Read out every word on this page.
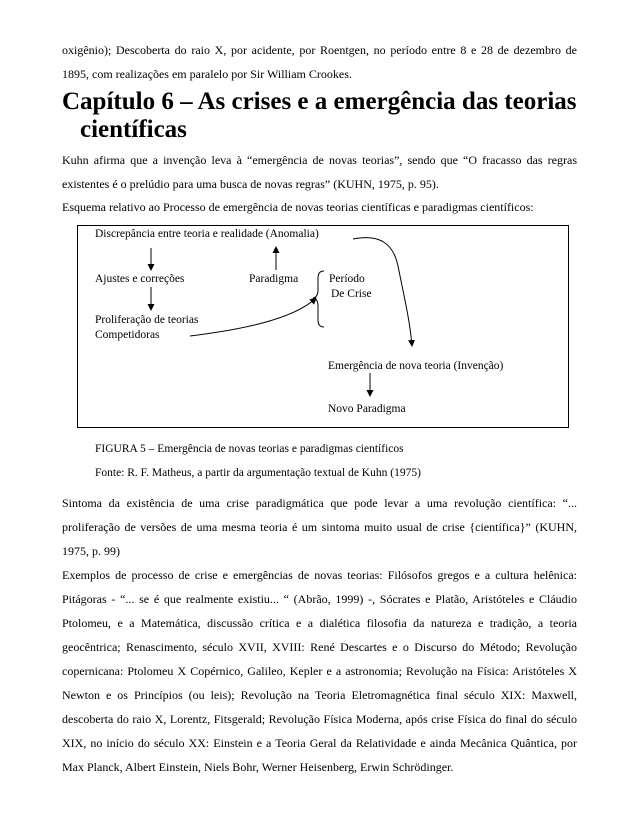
oxigênio); Descoberta do raio X, por acidente, por Roentgen, no período entre 8 e 28 de dezembro de 1895, com realizações em paralelo por Sir William Crookes.

Capítulo 6 – As crises e a emergência das teorias científicas

Kuhn afirma que a invenção leva à “emergência de novas teorias”, sendo que “O fracasso das regras existentes é o prelúdio para uma busca de novas regras” (KUHN, 1975, p. 95).

Esquema relativo ao Processo de emergência de novas teorias científicas e paradigmas científicos:

Discrepância entre teoria e realidade (Anomalia)
Ajustes e correções	Paradigma	Período
De Crise
Proliferação de teorias
Competidoras
Emergência de nova teoria (Invenção)
Novo Paradigma
FIGURA 5 – Emergência de novas teorias e paradigmas científicos
Fonte: R. F. Matheus, a partir da argumentação textual de Kuhn (1975)

Sintoma da existência de uma crise paradigmática que pode levar a uma revolução científica: “... proliferação de versões de uma mesma teoria é um sintoma muito usual de crise {científica}” (KUHN, 1975, p. 99)

Exemplos de processo de crise e emergências de novas teorias: Filósofos gregos e a cultura helênica: Pitágoras - “... se é que realmente existiu... “ (Abrão, 1999) -, Sócrates e Platão, Aristóteles e Cláudio Ptolomeu, e a Matemática, discussão crítica e a dialética filosofia da natureza e tradição, a teoria geocêntrica; Renascimento, século XVII, XVIII: René Descartes e o Discurso do Método; Revolução copernicana: Ptolomeu X Copérnico, Galileo, Kepler e a astronomia; Revolução na Física: Aristóteles X Newton e os Princípios (ou leis); Revolução na Teoria Eletromagnética final século XIX: Maxwell, descoberta do raio X, Lorentz, Fitsgerald; Revolução Física Moderna, após crise Física do final do século XIX, no início do século XX: Einstein e a Teoria Geral da Relatividade e ainda Mecânica Quântica, por Max Planck, Albert Einstein, Niels Bohr, Werner Heisenberg, Erwin Schrödinger.
